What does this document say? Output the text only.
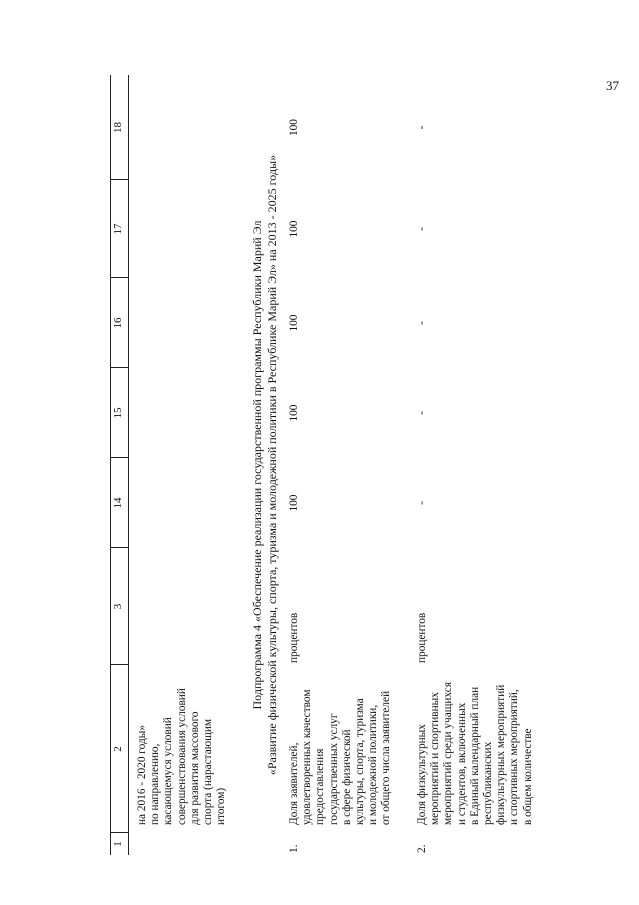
37
1
2
3
14
15
16
17
18
на 2016 - 2020 годы» по направлению, касающемуся условий совершенствования условий для развития массового спорта (нарастающим итогом)
Подпрограмма 4 «Обеспечение реализации государственной программы Республики Марий Эл «Развитие физической культуры, спорта, туризма и молодежной политики в Республике Марий Эл» на 2013 - 2025 годы»
1.
Доля заявителей, удовлетворенных качеством предоставления государственных услуг в сфере физической культуры, спорта, туризма и молодежной политики, от общего числа заявителей
процентов
100
100
100
100
100
2.
Доля физкультурных мероприятий и спортивных мероприятий среди учащихся и студентов, включенных в Единый календарный план республиканских физкультурных мероприятий и спортивных мероприятий, в общем количестве
процентов
-
-
-
-
-
